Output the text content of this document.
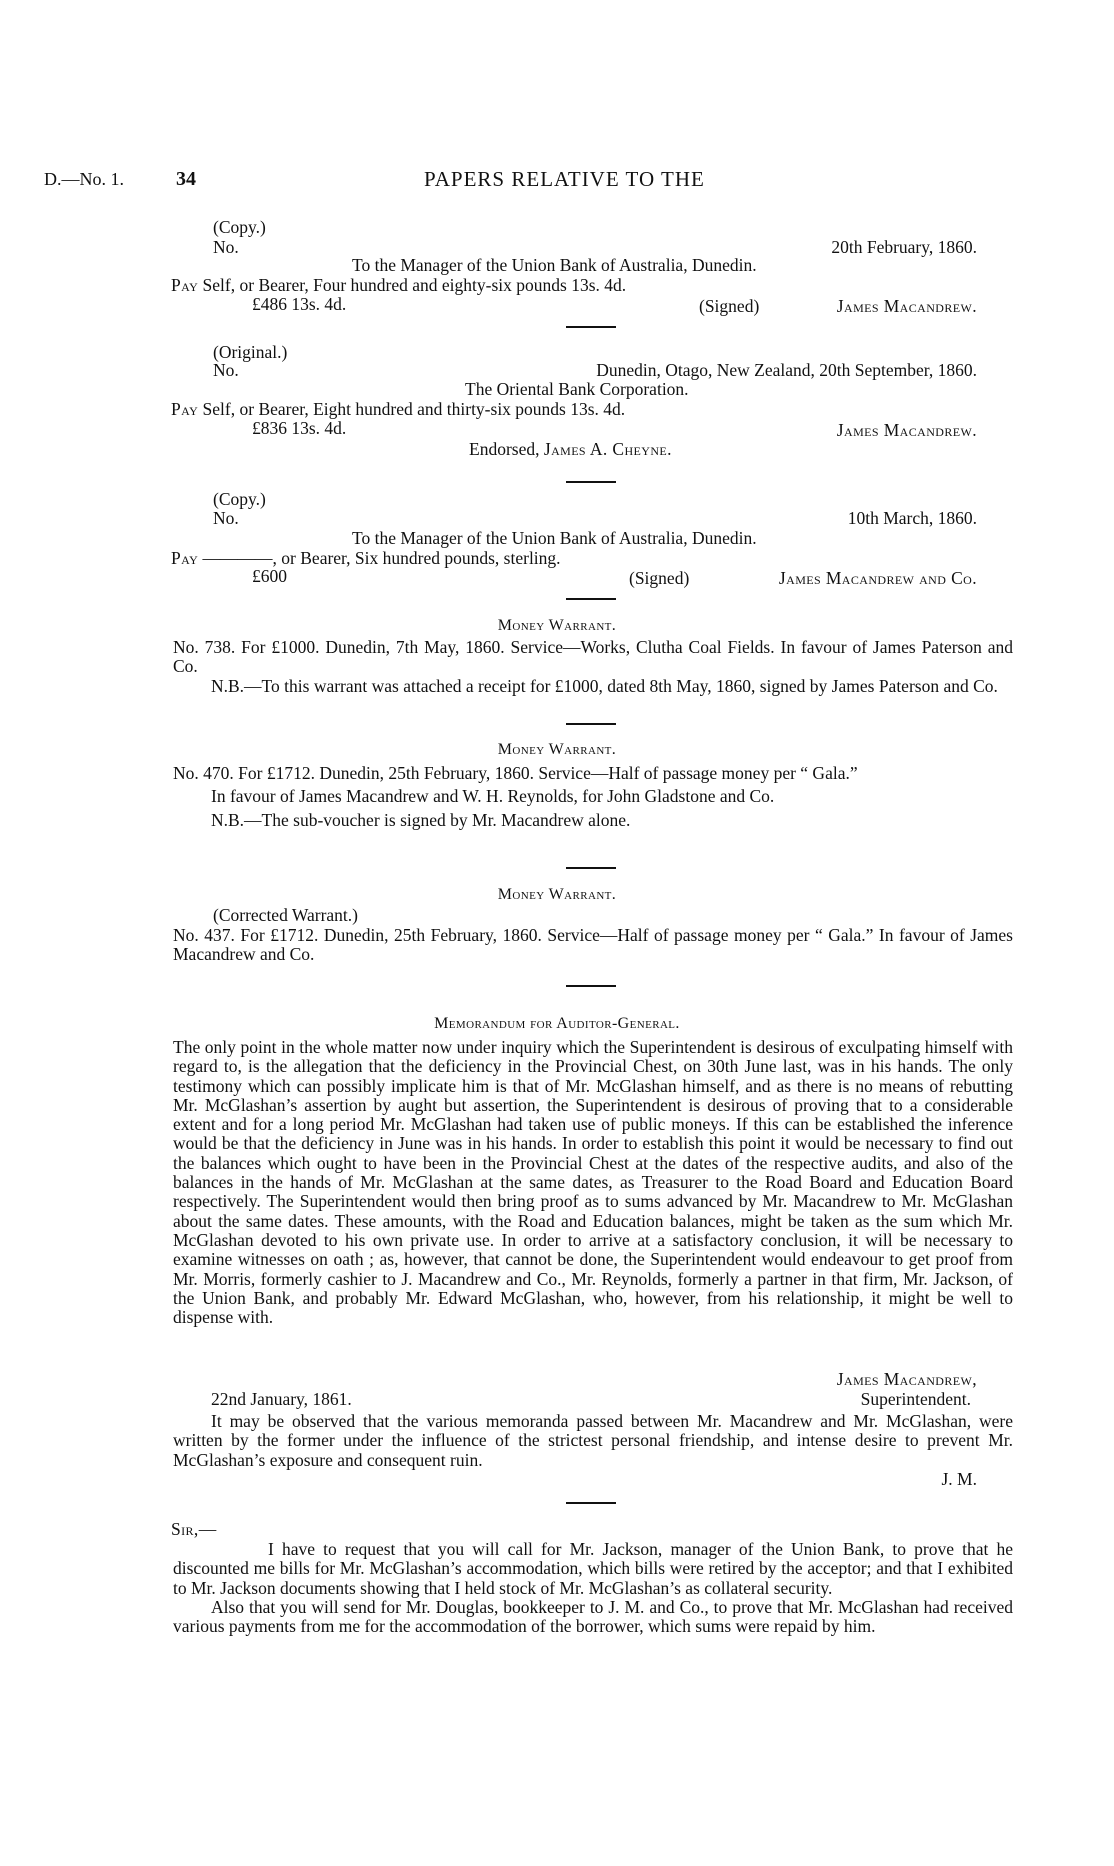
D.—No. 1.	34	PAPERS RELATIVE TO THE
(Copy.)
No.	20th February, 1860.
To the Manager of the Union Bank of Australia, Dunedin.
Pay Self, or Bearer, Four hundred and eighty-six pounds 13s. 4d.
£486 13s. 4d.	(Signed)	James Macandrew.
(Original.)
No.	Dunedin, Otago, New Zealand, 20th September, 1860.
The Oriental Bank Corporation.
Pay Self, or Bearer, Eight hundred and thirty-six pounds 13s. 4d.
£836 13s. 4d.	James Macandrew.
Endorsed, James A. Cheyne.
(Copy.)
No.	10th March, 1860.
To the Manager of the Union Bank of Australia, Dunedin.
Pay ————, or Bearer, Six hundred pounds, sterling.
£600	(Signed)	James Macandrew and Co.
Money Warrant.

No. 738. For £1000. Dunedin, 7th May, 1860. Service—Works, Clutha Coal Fields. In favour of James Paterson and Co.

N.B.—To this warrant was attached a receipt for £1000, dated 8th May, 1860, signed by James Paterson and Co.

Money Warrant.

No. 470. For £1712. Dunedin, 25th February, 1860. Service—Half of passage money per “ Gala.”

In favour of James Macandrew and W. H. Reynolds, for John Gladstone and Co.

N.B.—The sub-voucher is signed by Mr. Macandrew alone.

Money Warrant.
(Corrected Warrant.)

No. 437. For £1712. Dunedin, 25th February, 1860. Service—Half of passage money per “ Gala.” In favour of James Macandrew and Co.

Memorandum for Auditor-General.
The only point in the whole matter now under inquiry which the Superintendent is desirous of exculpating himself with regard to, is the allegation that the deficiency in the Provincial Chest, on 30th June last, was in his hands. The only testimony which can possibly implicate him is that of Mr. McGlashan himself, and as there is no means of rebutting Mr. McGlashan’s assertion by aught but assertion, the Superintendent is desirous of proving that to a considerable extent and for a long period Mr. McGlashan had taken use of public moneys. If this can be established the inference would be that the deficiency in June was in his hands. In order to establish this point it would be necessary to find out the balances which ought to have been in the Provincial Chest at the dates of the respective audits, and also of the balances in the hands of Mr. McGlashan at the same dates, as Treasurer to the Road Board and Education Board respectively. The Superintendent would then bring proof as to sums advanced by Mr. Macandrew to Mr. McGlashan about the same dates. These amounts, with the Road and Education balances, might be taken as the sum which Mr. McGlashan devoted to his own private use. In order to arrive at a satisfactory conclusion, it will be necessary to examine witnesses on oath ; as, however, that cannot be done, the Superintendent would endeavour to get proof from Mr. Morris, formerly cashier to J. Macandrew and Co., Mr. Reynolds, formerly a partner in that firm, Mr. Jackson, of the Union Bank, and probably Mr. Edward McGlashan, who, however, from his relationship, it might be well to dispense with.
James Macandrew,
22nd January, 1861.	Superintendent.
It may be observed that the various memoranda passed between Mr. Macandrew and Mr. McGlashan, were written by the former under the influence of the strictest personal friendship, and intense desire to prevent Mr. McGlashan’s exposure and consequent ruin.
J. M.
Sir,—

I have to request that you will call for Mr. Jackson, manager of the Union Bank, to prove that he discounted me bills for Mr. McGlashan’s accommodation, which bills were retired by the acceptor; and that I exhibited to Mr. Jackson documents showing that I held stock of Mr. McGlashan’s as collateral security.

Also that you will send for Mr. Douglas, bookkeeper to J. M. and Co., to prove that Mr. McGlashan had received various payments from me for the accommodation of the borrower, which sums were repaid by him.
